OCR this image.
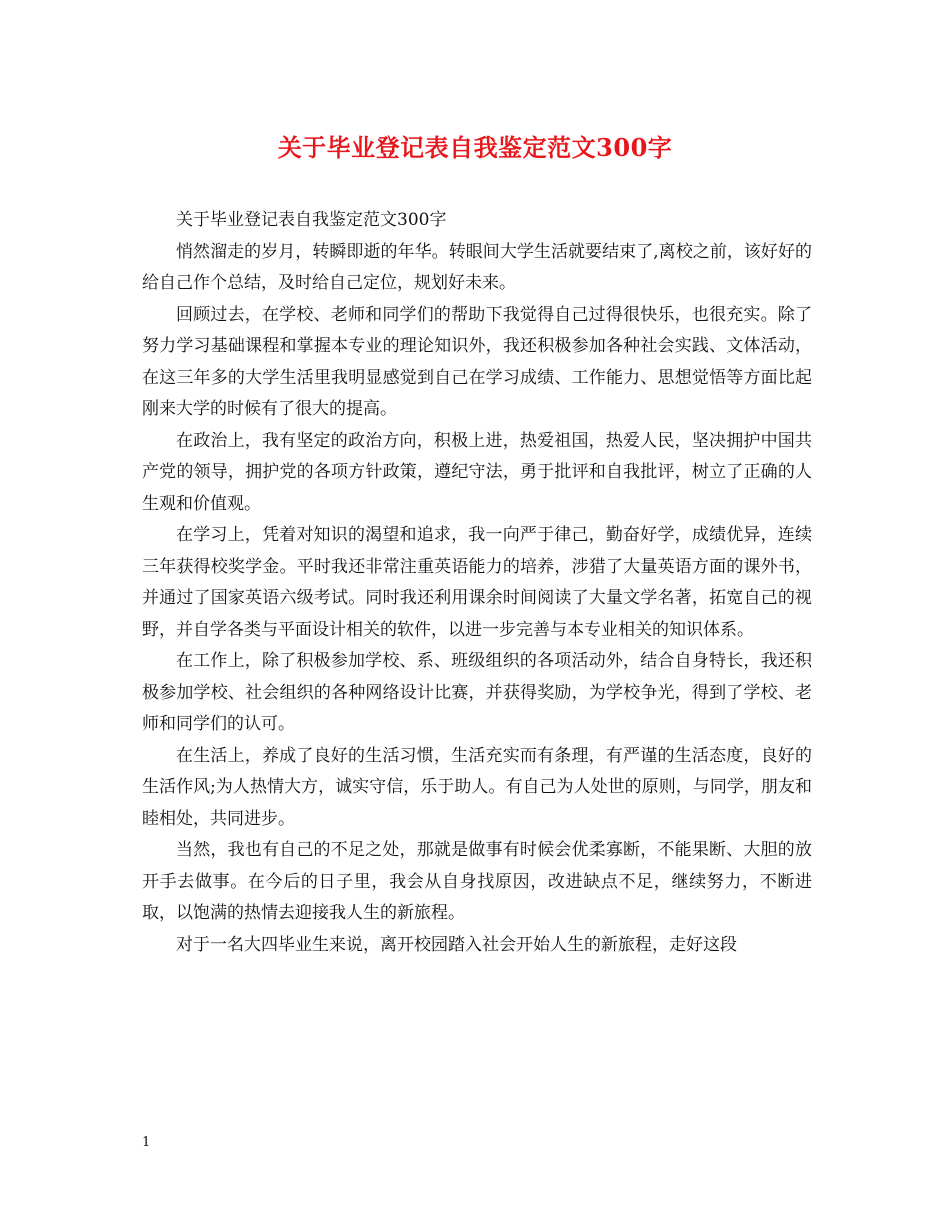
关于毕业登记表自我鉴定范文300字

关于毕业登记表自我鉴定范文300字

悄然溜走的岁月，转瞬即逝的年华。转眼间大学生活就要结束了,离校之前，该好好的给自己作个总结，及时给自己定位，规划好未来。

回顾过去，在学校、老师和同学们的帮助下我觉得自己过得很快乐，也很充实。除了努力学习基础课程和掌握本专业的理论知识外，我还积极参加各种社会实践、文体活动，在这三年多的大学生活里我明显感觉到自己在学习成绩、工作能力、思想觉悟等方面比起刚来大学的时候有了很大的提高。

在政治上，我有坚定的政治方向，积极上进，热爱祖国，热爱人民，坚决拥护中国共产党的领导，拥护党的各项方针政策，遵纪守法，勇于批评和自我批评，树立了正确的人生观和价值观。

在学习上，凭着对知识的渴望和追求，我一向严于律己，勤奋好学，成绩优异，连续三年获得校奖学金。平时我还非常注重英语能力的培养，涉猎了大量英语方面的课外书，并通过了国家英语六级考试。同时我还利用课余时间阅读了大量文学名著，拓宽自己的视野，并自学各类与平面设计相关的软件，以进一步完善与本专业相关的知识体系。

在工作上，除了积极参加学校、系、班级组织的各项活动外，结合自身特长，我还积极参加学校、社会组织的各种网络设计比赛，并获得奖励，为学校争光，得到了学校、老师和同学们的认可。

在生活上，养成了良好的生活习惯，生活充实而有条理，有严谨的生活态度，良好的生活作风;为人热情大方，诚实守信，乐于助人。有自己为人处世的原则，与同学，朋友和睦相处，共同进步。

当然，我也有自己的不足之处，那就是做事有时候会优柔寡断，不能果断、大胆的放开手去做事。在今后的日子里，我会从自身找原因，改进缺点不足，继续努力，不断进取，以饱满的热情去迎接我人生的新旅程。

对于一名大四毕业生来说，离开校园踏入社会开始人生的新旅程，走好这段

1
